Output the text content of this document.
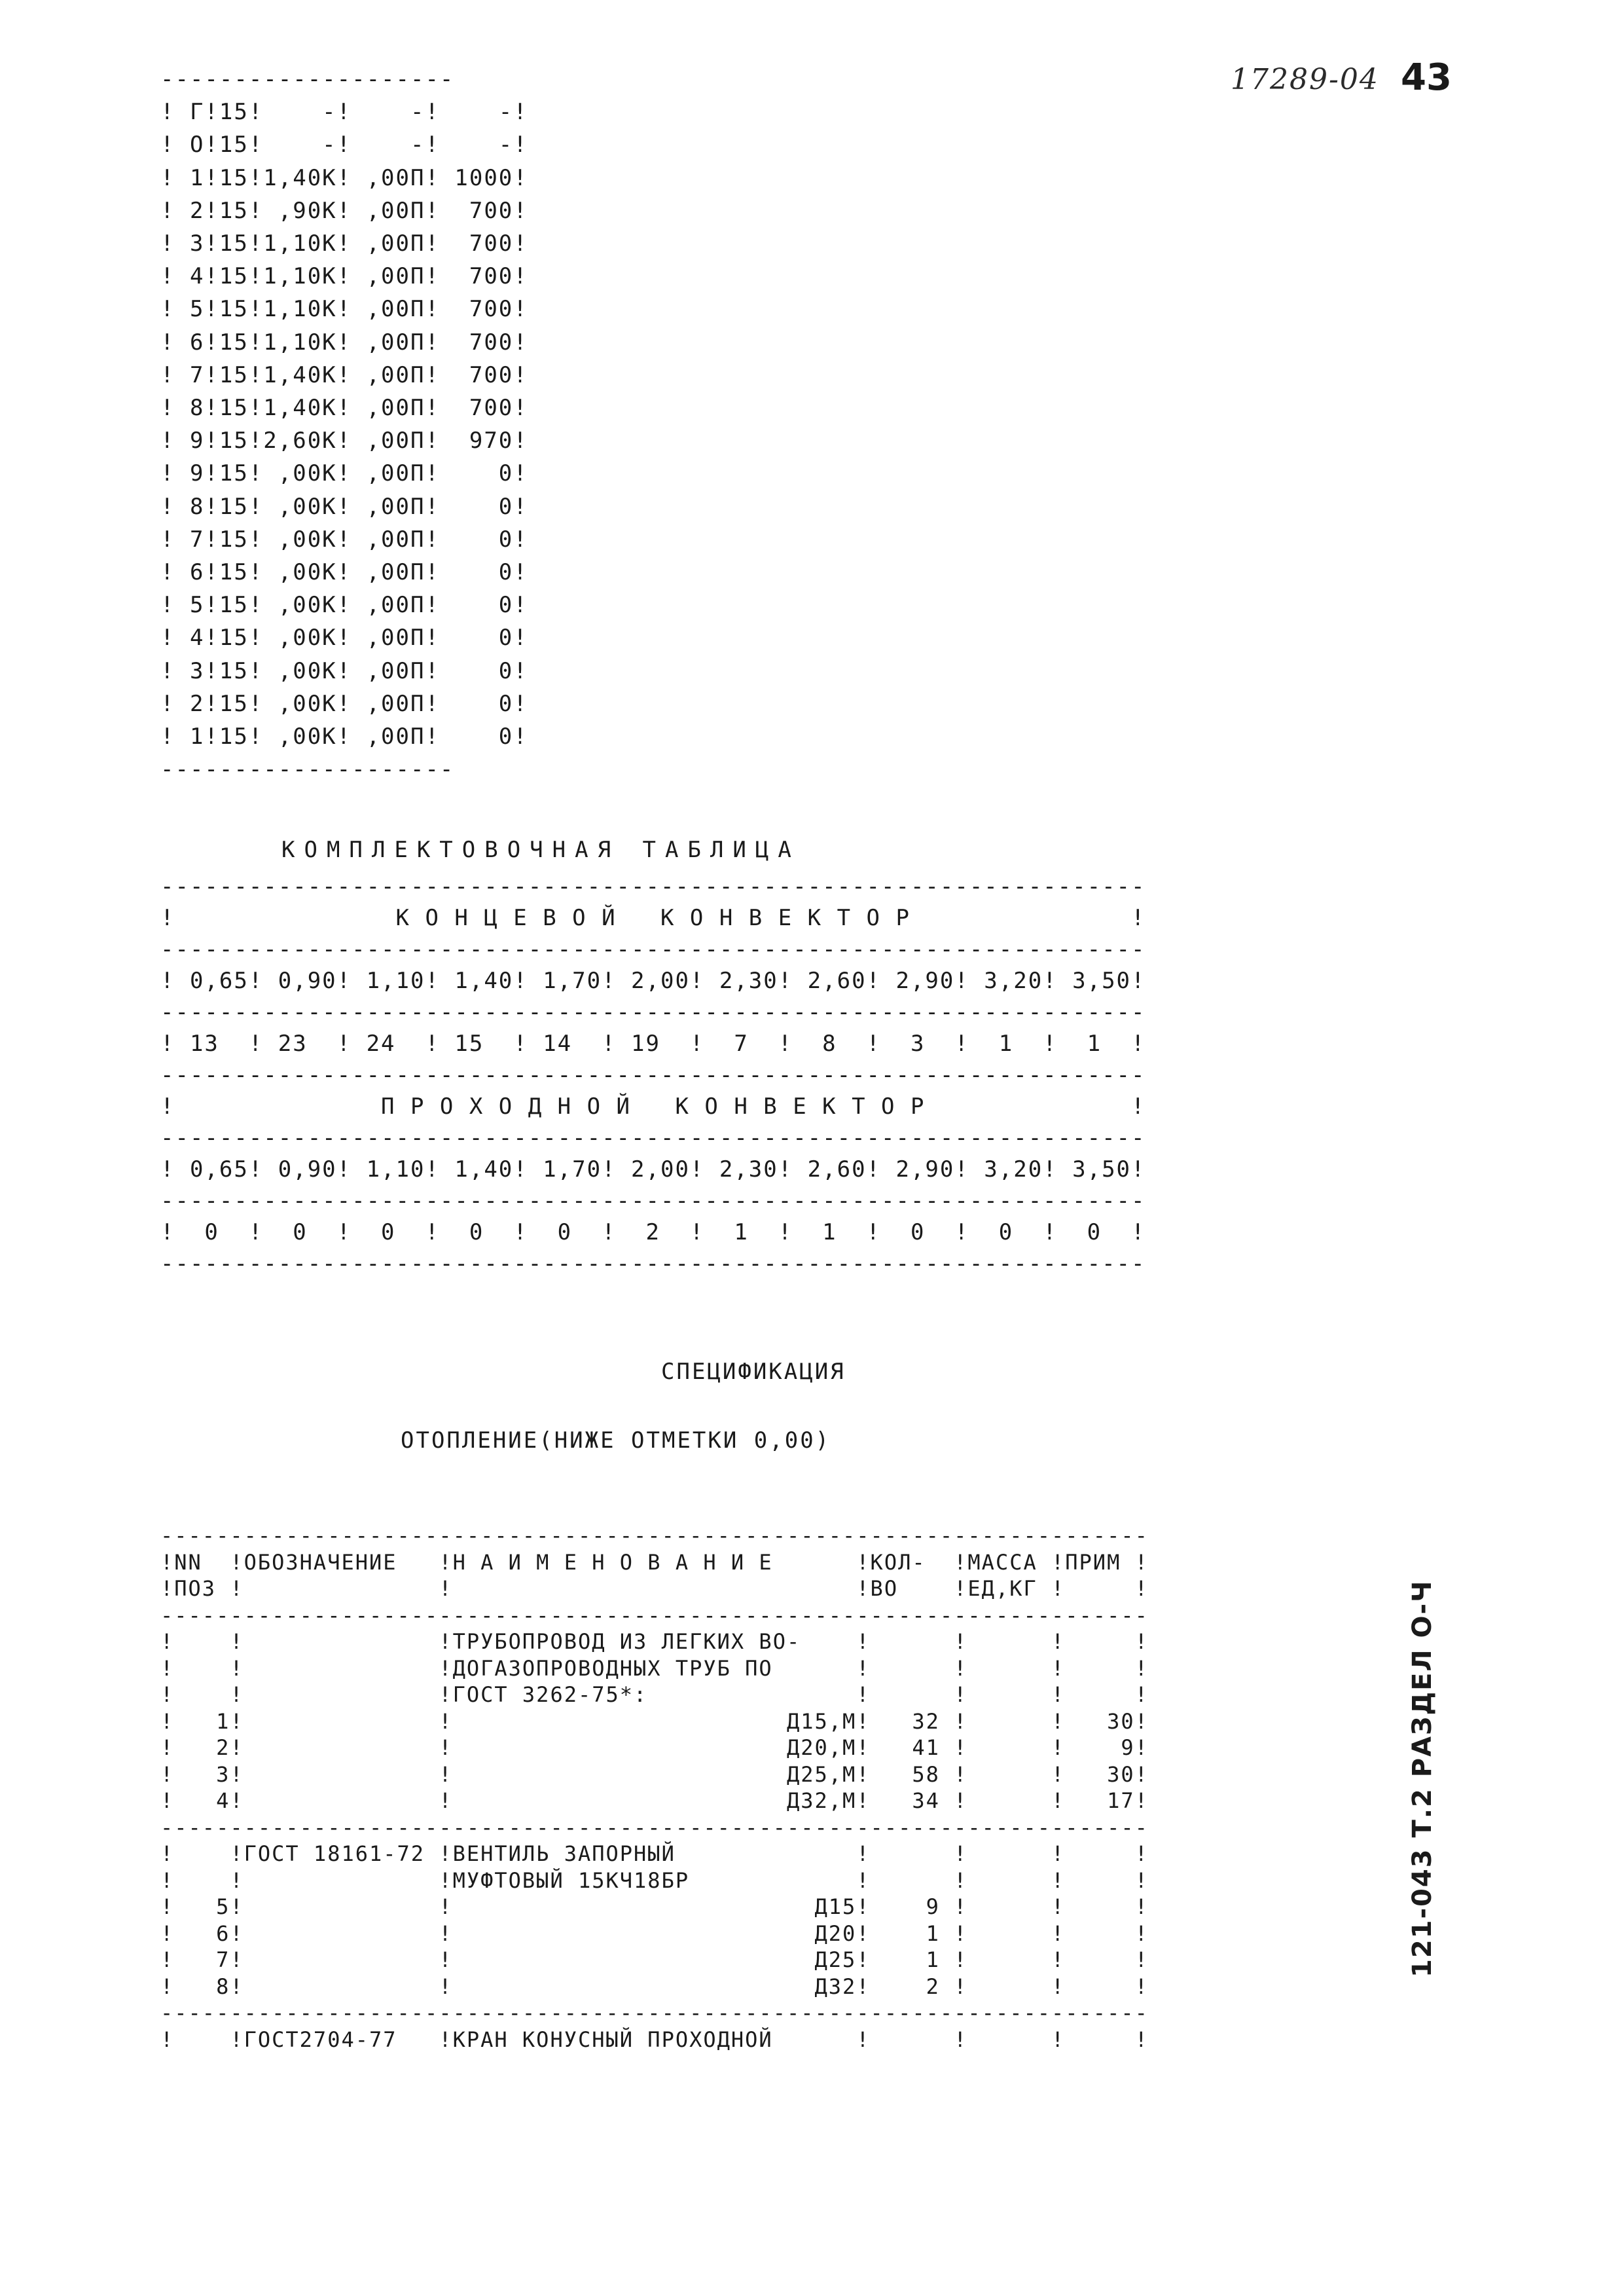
17289-04 43
--------------------
! Г!15!    -!    -!    -!
! О!15!    -!    -!    -!
! 1!15!1,40К! ,00П! 1000!
! 2!15! ,90К! ,00П!  700!
! 3!15!1,10К! ,00П!  700!
! 4!15!1,10К! ,00П!  700!
! 5!15!1,10К! ,00П!  700!
! 6!15!1,10К! ,00П!  700!
! 7!15!1,40К! ,00П!  700!
! 8!15!1,40К! ,00П!  700!
! 9!15!2,60К! ,00П!  970!
! 9!15! ,00К! ,00П!    0!
! 8!15! ,00К! ,00П!    0!
! 7!15! ,00К! ,00П!    0!
! 6!15! ,00К! ,00П!    0!
! 5!15! ,00К! ,00П!    0!
! 4!15! ,00К! ,00П!    0!
! 3!15! ,00К! ,00П!    0!
! 2!15! ,00К! ,00П!    0!
! 1!15! ,00К! ,00П!    0!
--------------------
КОМПЛЕКТОВОЧНАЯ ТАБЛИЦА
-------------------------------------------------------------------
!               К О Н Ц Е В О Й   К О Н В Е К Т О Р               !
-------------------------------------------------------------------
! 0,65! 0,90! 1,10! 1,40! 1,70! 2,00! 2,30! 2,60! 2,90! 3,20! 3,50!
-------------------------------------------------------------------
! 13  ! 23  ! 24  ! 15  ! 14  ! 19  !  7  !  8  !  3  !  1  !  1  !
-------------------------------------------------------------------
!              П Р О Х О Д Н О Й   К О Н В Е К Т О Р              !
-------------------------------------------------------------------
! 0,65! 0,90! 1,10! 1,40! 1,70! 2,00! 2,30! 2,60! 2,90! 3,20! 3,50!
-------------------------------------------------------------------
!  0  !  0  !  0  !  0  !  0  !  2  !  1  !  1  !  0  !  0  !  0  !
-------------------------------------------------------------------
СПЕЦИФИКАЦИЯ
ОТОПЛЕНИЕ(НИЖЕ ОТМЕТКИ 0,00)
-----------------------------------------------------------------------
!NN  !ОБОЗНАЧЕНИЕ   !Н А И М Е Н О В А Н И Е      !КОЛ-  !МАССА !ПРИМ !
!ПОЗ !              !                             !ВО    !ЕД,КГ !     !
-----------------------------------------------------------------------
!    !              !ТРУБОПРОВОД ИЗ ЛЕГКИХ ВО-    !      !      !     !
!    !              !ДОГАЗОПРОВОДНЫХ ТРУБ ПО      !      !      !     !
!    !              !ГОСТ 3262-75*:               !      !      !     !
!   1!              !                        Д15,М!   32 !      !   30!
!   2!              !                        Д20,М!   41 !      !    9!
!   3!              !                        Д25,М!   58 !      !   30!
!   4!              !                        Д32,М!   34 !      !   17!
-----------------------------------------------------------------------
!    !ГОСТ 18161-72 !ВЕНТИЛЬ ЗАПОРНЫЙ             !      !      !     !
!    !              !МУФТОВЫЙ 15КЧ18БР            !      !      !     !
!   5!              !                          Д15!    9 !      !     !
!   6!              !                          Д20!    1 !      !     !
!   7!              !                          Д25!    1 !      !     !
!   8!              !                          Д32!    2 !      !     !
-----------------------------------------------------------------------
!    !ГОСТ2704-77   !КРАН КОНУСНЫЙ ПРОХОДНОЙ      !      !      !     !
121-043 Т.2 РАЗДЕЛ О-Ч
